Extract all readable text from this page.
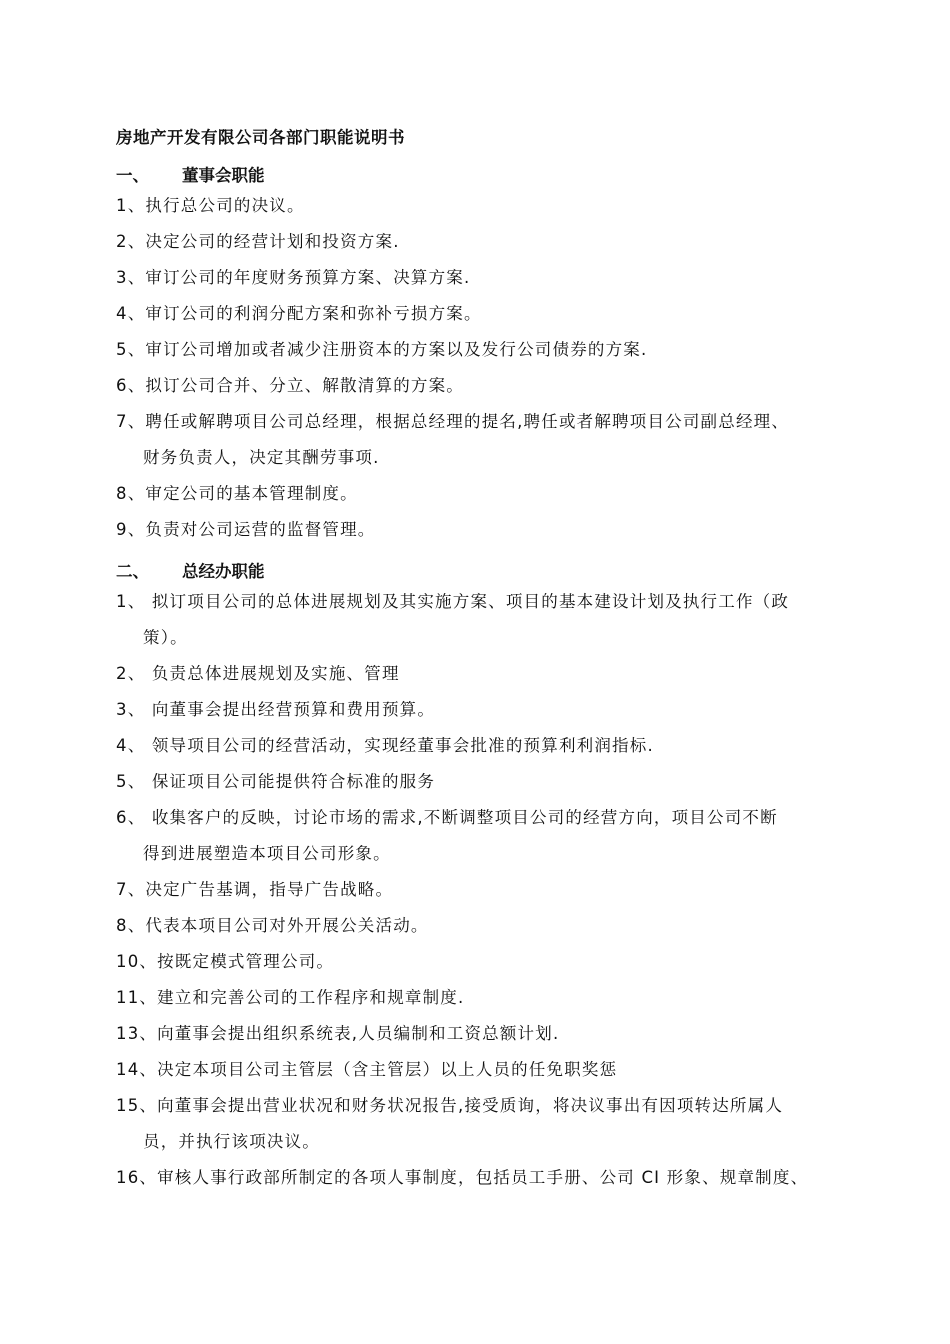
房地产开发有限公司各部门职能说明书
一、 董事会职能
1、执行总公司的决议。
2、决定公司的经营计划和投资方案.
3、审订公司的年度财务预算方案、决算方案.
4、审订公司的利润分配方案和弥补亏损方案。
5、审订公司增加或者减少注册资本的方案以及发行公司债券的方案.
6、拟订公司合并、分立、解散清算的方案。
7、聘任或解聘项目公司总经理，根据总经理的提名,聘任或者解聘项目公司副总经理、
财务负责人，决定其酬劳事项.
8、审定公司的基本管理制度。
9、负责对公司运营的监督管理。
二、 总经办职能
1、 拟订项目公司的总体进展规划及其实施方案、项目的基本建设计划及执行工作（政
策）。
2、 负责总体进展规划及实施、管理
3、 向董事会提出经营预算和费用预算。
4、 领导项目公司的经营活动，实现经董事会批准的预算利利润指标.
5、 保证项目公司能提供符合标准的服务
6、 收集客户的反映，讨论市场的需求,不断调整项目公司的经营方向，项目公司不断
得到进展塑造本项目公司形象。
7、决定广告基调，指导广告战略。
8、代表本项目公司对外开展公关活动。
10、按既定模式管理公司。
11、建立和完善公司的工作程序和规章制度.
13、向董事会提出组织系统表,人员编制和工资总额计划.
14、决定本项目公司主管层（含主管层）以上人员的任免职奖惩
15、向董事会提出营业状况和财务状况报告,接受质询，将决议事出有因项转达所属人
员，并执行该项决议。
16、审核人事行政部所制定的各项人事制度，包括员工手册、公司 CI 形象、规章制度、
